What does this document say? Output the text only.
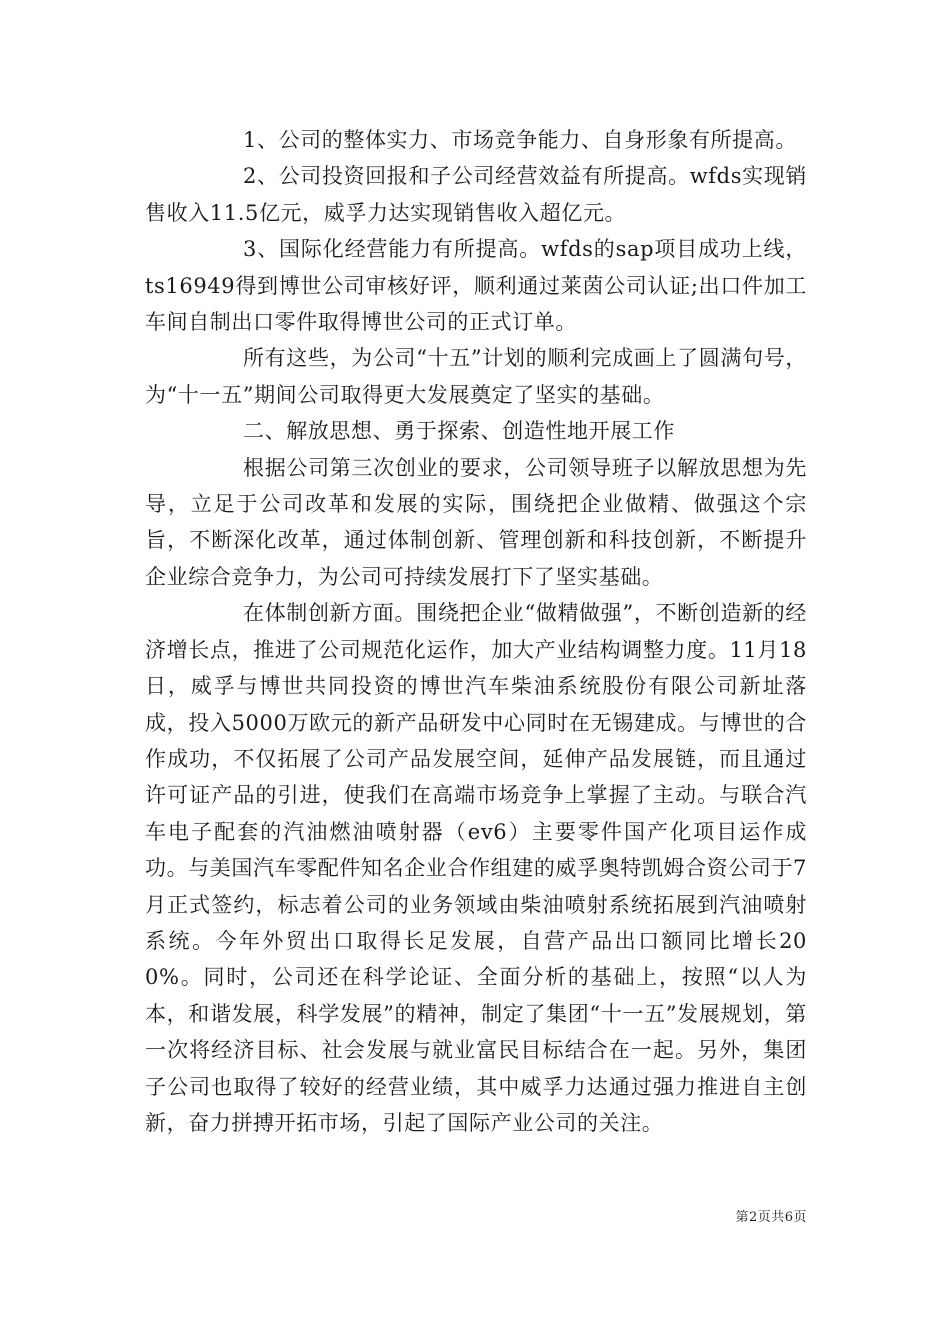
1、公司的整体实力、市场竞争能力、自身形象有所提高。

2、公司投资回报和子公司经营效益有所提高。wfds实现销售收入11.5亿元，威孚力达实现销售收入超亿元。

3、国际化经营能力有所提高。wfds的sap项目成功上线，ts16949得到博世公司审核好评，顺利通过莱茵公司认证;出口件加工车间自制出口零件取得博世公司的正式订单。

所有这些，为公司“十五”计划的顺利完成画上了圆满句号，为“十一五”期间公司取得更大发展奠定了坚实的基础。

二、解放思想、勇于探索、创造性地开展工作

根据公司第三次创业的要求，公司领导班子以解放思想为先导，立足于公司改革和发展的实际，围绕把企业做精、做强这个宗旨，不断深化改革，通过体制创新、管理创新和科技创新，不断提升企业综合竞争力，为公司可持续发展打下了坚实基础。

在体制创新方面。围绕把企业“做精做强”，不断创造新的经济增长点，推进了公司规范化运作，加大产业结构调整力度。11月18日，威孚与博世共同投资的博世汽车柴油系统股份有限公司新址落成，投入5000万欧元的新产品研发中心同时在无锡建成。与博世的合作成功，不仅拓展了公司产品发展空间，延伸产品发展链，而且通过许可证产品的引进，使我们在高端市场竞争上掌握了主动。与联合汽车电子配套的汽油燃油喷射器（ev6）主要零件国产化项目运作成功。与美国汽车零配件知名企业合作组建的威孚奥特凯姆合资公司于7月正式签约，标志着公司的业务领域由柴油喷射系统拓展到汽油喷射系统。今年外贸出口取得长足发展，自营产品出口额同比增长200%。同时，公司还在科学论证、全面分析的基础上，按照“以人为本，和谐发展，科学发展”的精神，制定了集团“十一五”发展规划，第一次将经济目标、社会发展与就业富民目标结合在一起。另外，集团子公司也取得了较好的经营业绩，其中威孚力达通过强力推进自主创新，奋力拼搏开拓市场，引起了国际产业公司的关注。

第2页共6页
